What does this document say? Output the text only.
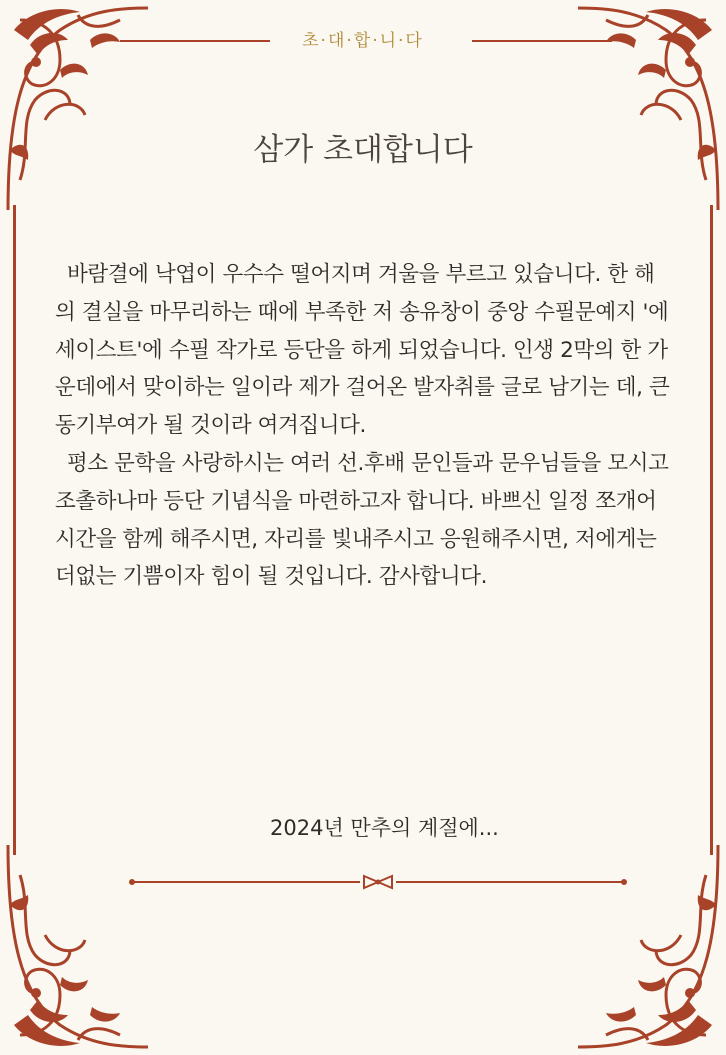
초·대·합·니·다
삼가 초대합니다

바람결에 낙엽이 우수수 떨어지며 겨울을 부르고 있습니다. 한 해의 결실을 마무리하는 때에 부족한 저 송유창이 중앙 수필문예지 '에세이스트'에 수필 작가로 등단을 하게 되었습니다. 인생 2막의 한 가운데에서 맞이하는 일이라 제가 걸어온 발자취를 글로 남기는 데, 큰 동기부여가 될 것이라 여겨집니다.

평소 문학을 사랑하시는 여러 선.후배 문인들과 문우님들을 모시고 조촐하나마 등단 기념식을 마련하고자 합니다. 바쁘신 일정 쪼개어 시간을 함께 해주시면, 자리를 빛내주시고 응원해주시면, 저에게는 더없는 기쁨이자 힘이 될 것입니다. 감사합니다.

2024년 만추의 계절에...
